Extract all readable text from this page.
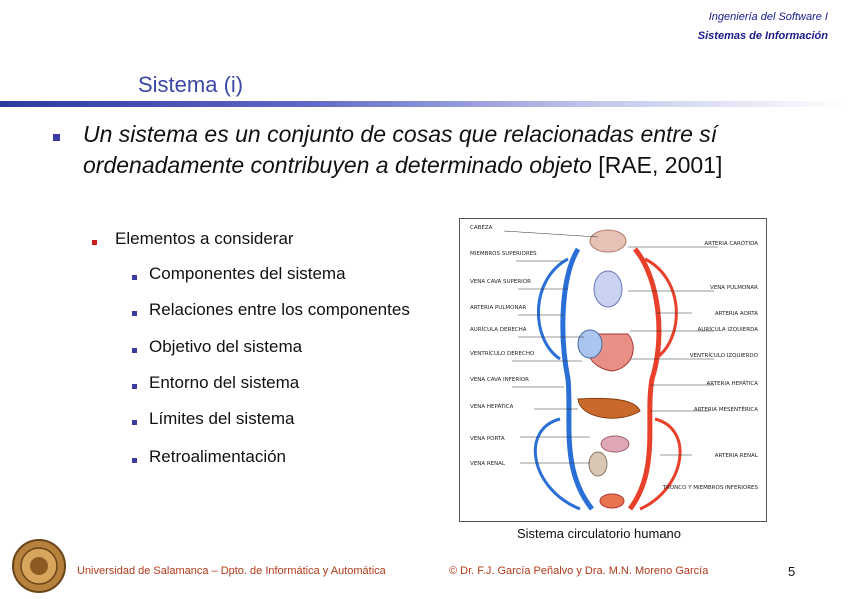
Ingeniería del Software I
Sistemas de Información
Sistema (i)
Un sistema es un conjunto de cosas que relacionadas entre sí ordenadamente contribuyen a determinado objeto [RAE, 2001]
Elementos a considerar
Componentes del sistema
Relaciones entre los componentes
Objetivo del sistema
Entorno del sistema
Límites del sistema
Retroalimentación
CABEZA
MIEMBROS SUPERIORES
VENA CAVA SUPERIOR
ARTERIA PULMONAR
AURÍCULA DERECHA
VENTRÍCULO DERECHO
VENA CAVA INFERIOR
VENA HEPÁTICA
VENA PORTA
VENA RENAL
ARTERIA CARÓTIDA
VENA PULMONAR
ARTERIA AORTA
AURÍCULA IZQUIERDA
VENTRÍCULO IZQUIERDO
ARTERIA HEPÁTICA
ARTERIA MESENTÉRICA
ARTERIA RENAL
TRONCO Y MIEMBROS INFERIORES
Sistema circulatorio humano
Universidad de Salamanca – Dpto. de Informática y Automática	© Dr. F.J. García Peñalvo y Dra. M.N. Moreno García	5
